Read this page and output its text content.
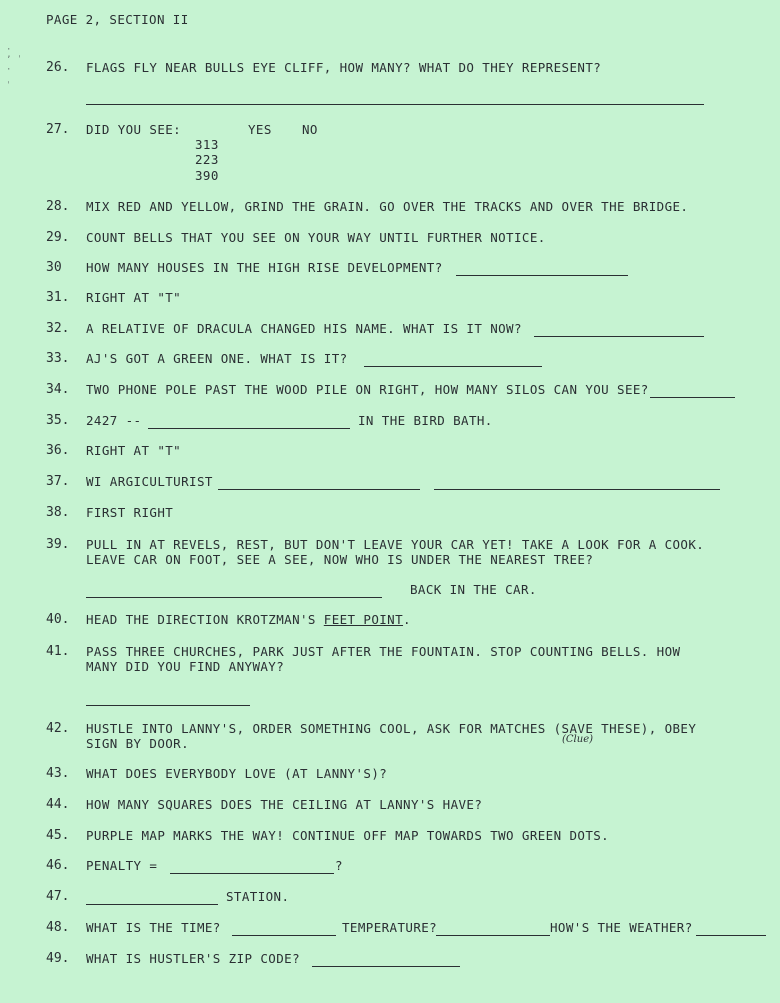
·
ʼ ˈ
·
ˌ
PAGE 2, SECTION II
26. FLAGS FLY NEAR BULLS EYE CLIFF, HOW MANY? WHAT DO THEY REPRESENT?
27. DID YOU SEE:	YES NO
313
223
390
28. MIX RED AND YELLOW, GRIND THE GRAIN. GO OVER THE TRACKS AND OVER THE BRIDGE.
29. COUNT BELLS THAT YOU SEE ON YOUR WAY UNTIL FURTHER NOTICE.
30 HOW MANY HOUSES IN THE HIGH RISE DEVELOPMENT?
31. RIGHT AT "T"
32. A RELATIVE OF DRACULA CHANGED HIS NAME. WHAT IS IT NOW?
33. AJ'S GOT A GREEN ONE. WHAT IS IT?
34. TWO PHONE POLE PAST THE WOOD PILE ON RIGHT, HOW MANY SILOS CAN YOU SEE?
35. 2427 --	IN THE BIRD BATH.
36. RIGHT AT "T"
37. WI ARGICULTURIST
38. FIRST RIGHT
39. PULL IN AT REVELS, REST, BUT DON'T LEAVE YOUR CAR YET! TAKE A LOOK FOR A COOK.
LEAVE CAR ON FOOT, SEE A SEE, NOW WHO IS UNDER THE NEAREST TREE?
BACK IN THE CAR.
40. HEAD THE DIRECTION KROTZMAN'S FEET POINT.
41. PASS THREE CHURCHES, PARK JUST AFTER THE FOUNTAIN. STOP COUNTING BELLS. HOW
MANY DID YOU FIND ANYWAY?
42. HUSTLE INTO LANNY'S, ORDER SOMETHING COOL, ASK FOR MATCHES (SAVE THESE), OBEY
SIGN BY DOOR.	(Clue)
43. WHAT DOES EVERYBODY LOVE (AT LANNY'S)?
44. HOW MANY SQUARES DOES THE CEILING AT LANNY'S HAVE?
45. PURPLE MAP MARKS THE WAY! CONTINUE OFF MAP TOWARDS TWO GREEN DOTS.
46. PENALTY =	?
47.	STATION.
48. WHAT IS THE TIME?	TEMPERATURE?	HOW'S THE WEATHER?
49. WHAT IS HUSTLER'S ZIP CODE?
